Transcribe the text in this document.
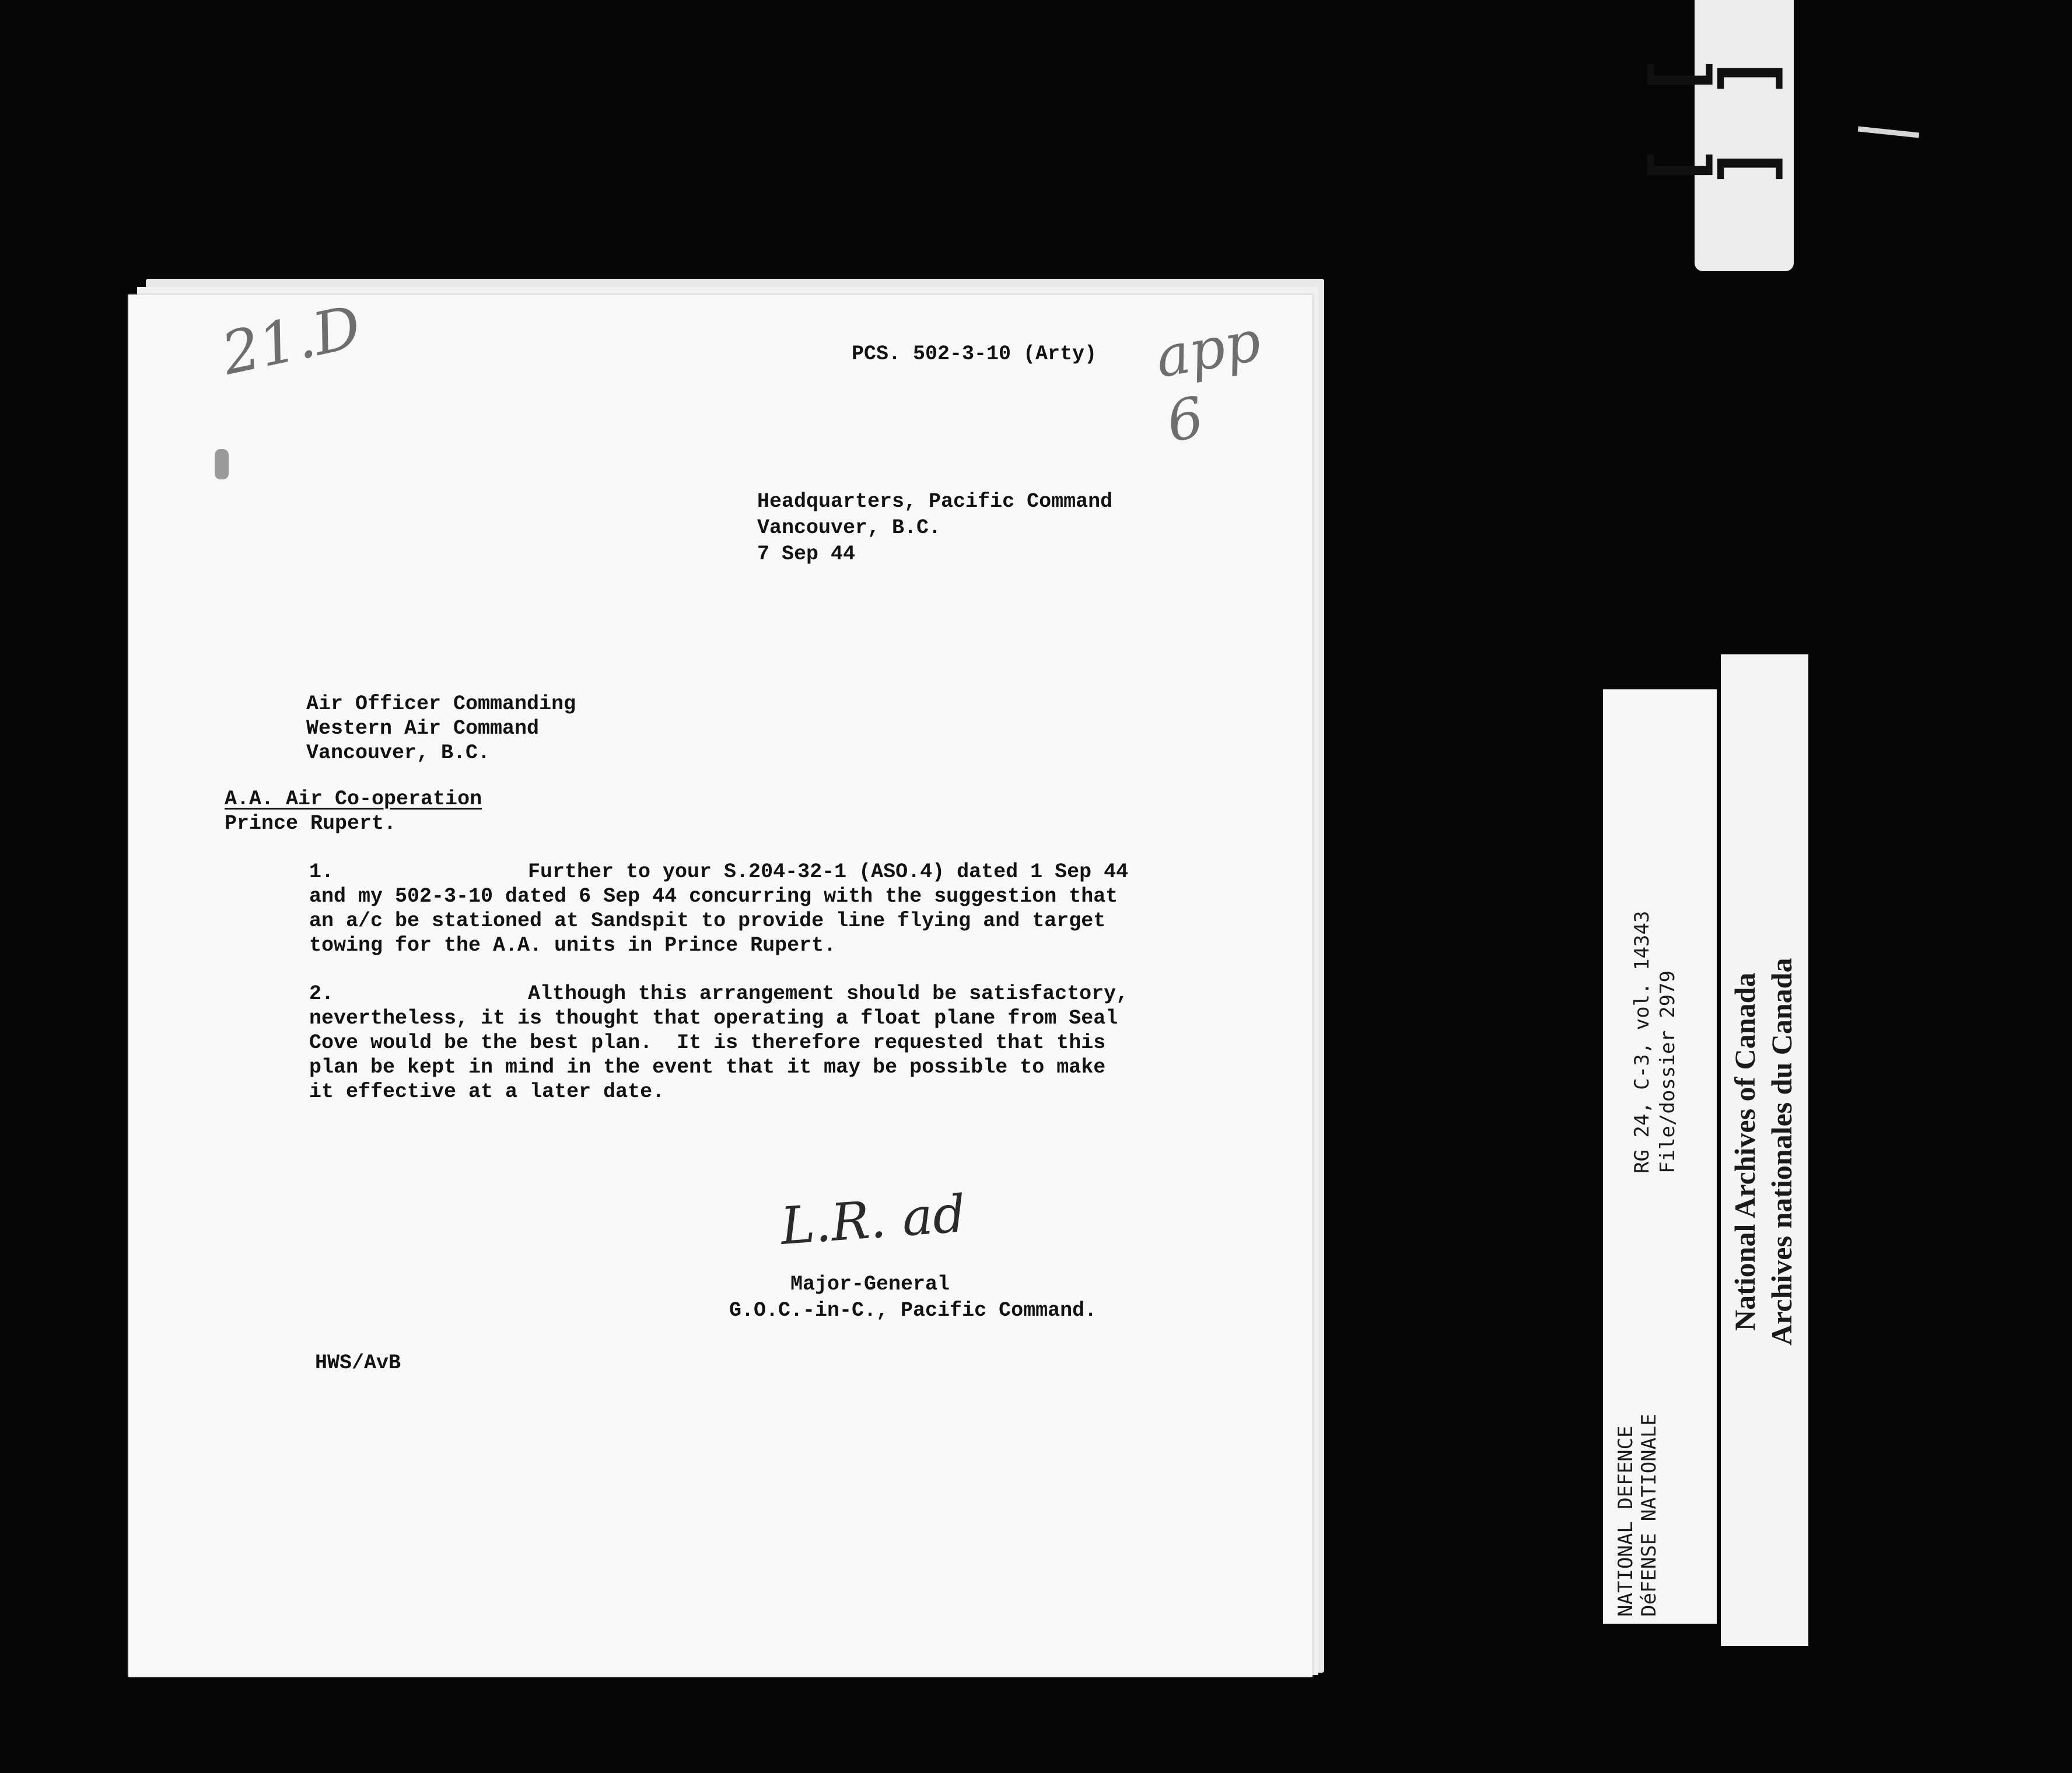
[ ]
[ ]
21.D	app 6
PCS. 502-3-10 (Arty)
Headquarters, Pacific Command
Vancouver, B.C.
7 Sep 44
Air Officer Commanding
Western Air Command
Vancouver, B.C.
A.A. Air Co-operation
Prince Rupert.
1.	Further to your S.204-32-1 (ASO.4) dated 1 Sep 44
and my 502-3-10 dated 6 Sep 44 concurring with the suggestion that
an a/c be stationed at Sandspit to provide line flying and target
towing for the A.A. units in Prince Rupert.
2.	Although this arrangement should be satisfactory,
nevertheless, it is thought that operating a float plane from Seal
Cove would be the best plan.  It is therefore requested that this
plan be kept in mind in the event that it may be possible to make
it effective at a later date.
L.R. ad
Major-General
G.O.C.-in-C., Pacific Command.
HWS/AvB
RG 24, C-3, vol. 14343 File/dossier 2979
NATIONAL DEFENCE DéFENSE NATIONALE
National Archives of Canada Archives nationales du Canada
